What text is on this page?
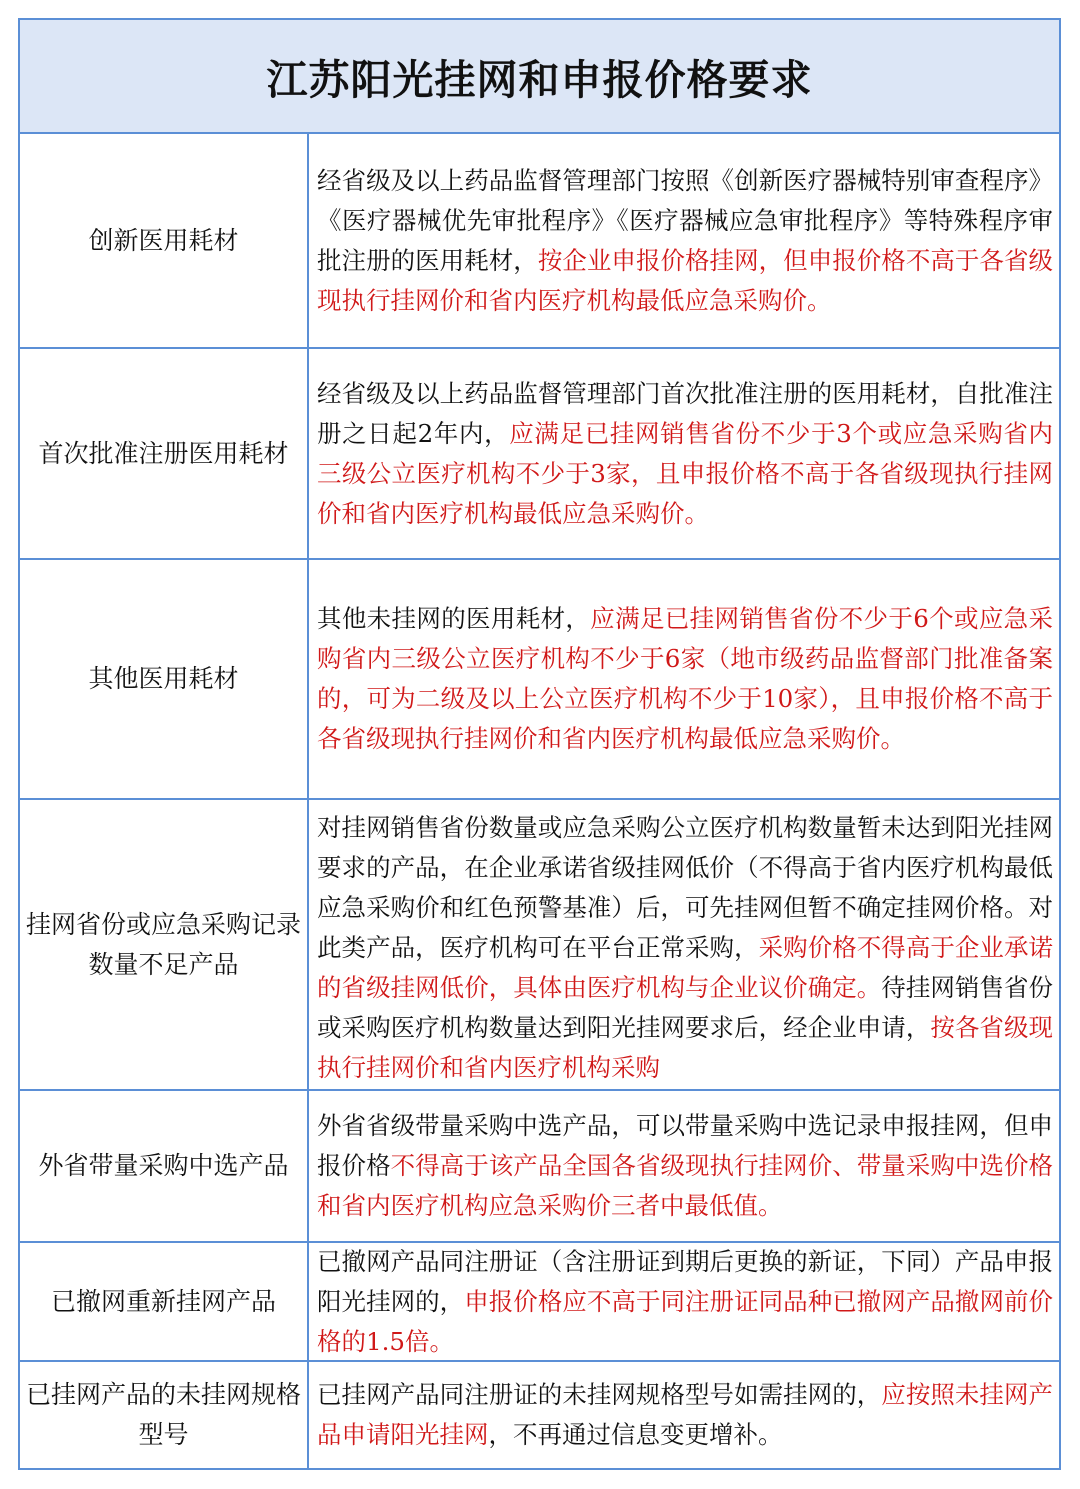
江苏阳光挂网和申报价格要求
创新医用耗材

经省级及以上药品监督管理部门按照《创新医疗器械特别审查程序》《医疗器械优先审批程序》《医疗器械应急审批程序》等特殊程序审批注册的医用耗材，按企业申报价格挂网，但申报价格不高于各省级现执行挂网价和省内医疗机构最低应急采购价。

首次批准注册医用耗材

经省级及以上药品监督管理部门首次批准注册的医用耗材，自批准注册之日起2年内，应满足已挂网销售省份不少于3个或应急采购省内三级公立医疗机构不少于3家，且申报价格不高于各省级现执行挂网价和省内医疗机构最低应急采购价。

其他医用耗材

其他未挂网的医用耗材，应满足已挂网销售省份不少于6个或应急采购省内三级公立医疗机构不少于6家（地市级药品监督部门批准备案的，可为二级及以上公立医疗机构不少于10家），且申报价格不高于各省级现执行挂网价和省内医疗机构最低应急采购价。

挂网省份或应急采购记录数量不足产品

对挂网销售省份数量或应急采购公立医疗机构数量暂未达到阳光挂网要求的产品，在企业承诺省级挂网低价（不得高于省内医疗机构最低应急采购价和红色预警基准）后，可先挂网但暂不确定挂网价格。对此类产品，医疗机构可在平台正常采购，采购价格不得高于企业承诺的省级挂网低价，具体由医疗机构与企业议价确定。待挂网销售省份或采购医疗机构数量达到阳光挂网要求后，经企业申请，按各省级现执行挂网价和省内医疗机构采购

外省带量采购中选产品

外省省级带量采购中选产品，可以带量采购中选记录申报挂网，但申报价格不得高于该产品全国各省级现执行挂网价、带量采购中选价格和省内医疗机构应急采购价三者中最低值。

已撤网重新挂网产品

已撤网产品同注册证（含注册证到期后更换的新证，下同）产品申报阳光挂网的，申报价格应不高于同注册证同品种已撤网产品撤网前价格的1.5倍。

已挂网产品的未挂网规格型号

已挂网产品同注册证的未挂网规格型号如需挂网的，应按照未挂网产品申请阳光挂网，不再通过信息变更增补。
